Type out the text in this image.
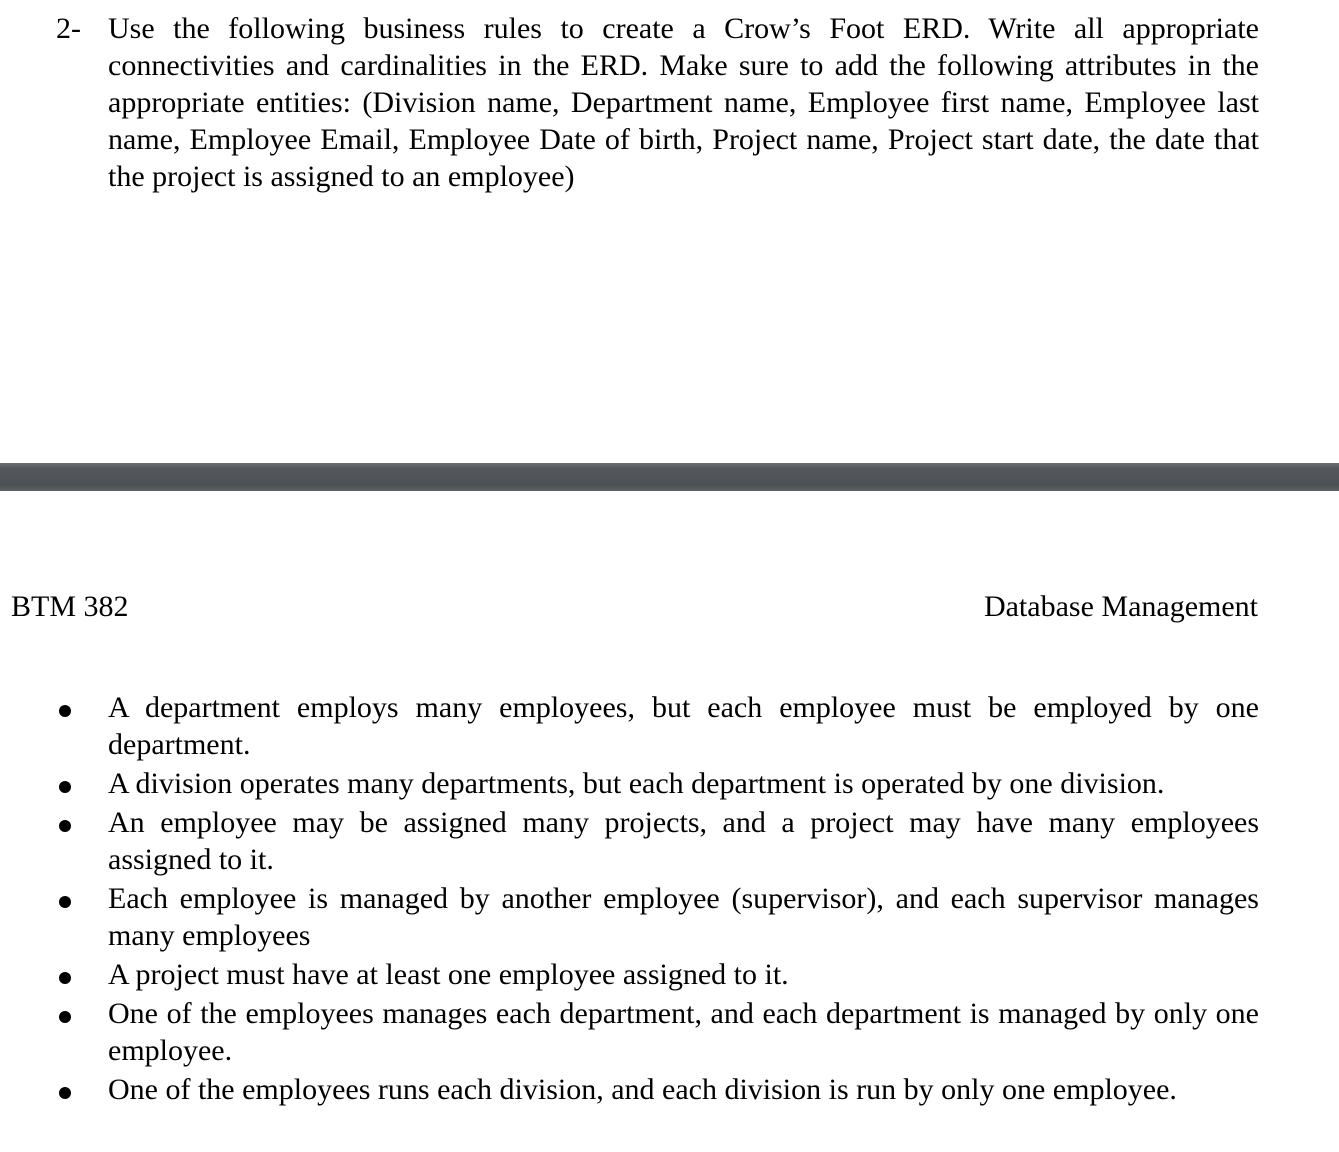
2- Use the following business rules to create a Crow’s Foot ERD. Write all appropriate connectivities and cardinalities in the ERD. Make sure to add the following attributes in the appropriate entities: (Division name, Department name, Employee first name, Employee last name, Employee Email, Employee Date of birth, Project name, Project start date, the date that the project is assigned to an employee)
BTM 382	Database Management
A department employs many employees, but each employee must be employed by one department.
A division operates many departments, but each department is operated by one division.
An employee may be assigned many projects, and a project may have many employees assigned to it.
Each employee is managed by another employee (supervisor), and each supervisor manages many employees
A project must have at least one employee assigned to it.
One of the employees manages each department, and each department is managed by only one employee.
One of the employees runs each division, and each division is run by only one employee.
